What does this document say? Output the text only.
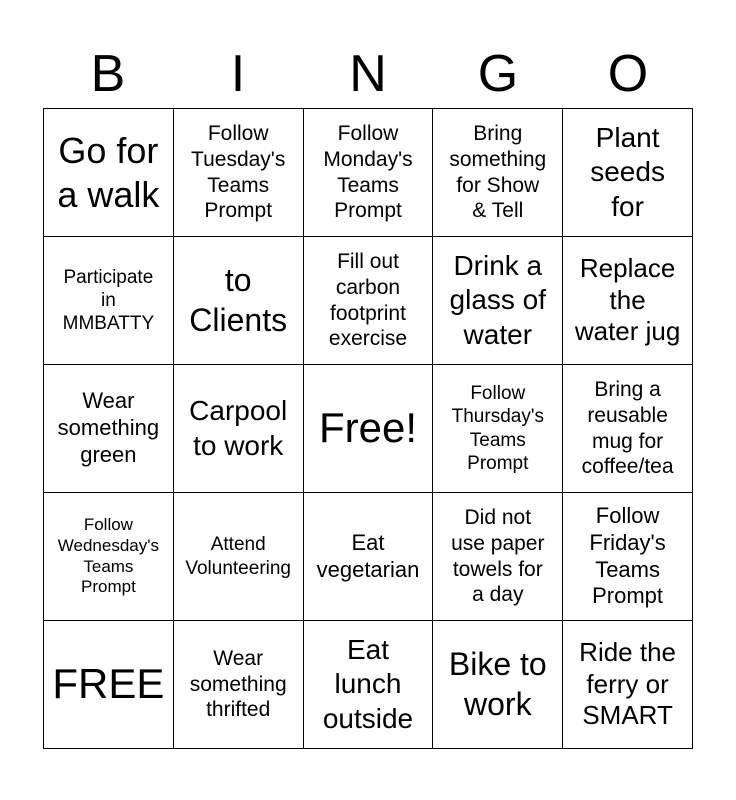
B	I	N	G	O
Go for
a walk	Follow
Tuesday's
Teams
Prompt	Follow
Monday's
Teams
Prompt	Bring
something
for Show
& Tell	Plant
seeds
for

Participate
in
MMBATTY	to
Clients	Fill out
carbon
footprint
exercise	Drink a
glass of
water	Replace
the
water jug

Wear
something
green	Carpool
to work	Free!	Follow
Thursday's
Teams
Prompt	Bring a
reusable
mug for
coffee/tea

Follow
Wednesday's
Teams
Prompt	Attend
Volunteering	Eat
vegetarian	Did not
use paper
towels for
a day	Follow
Friday's
Teams
Prompt

FREE	Wear
something
thrifted	Eat
lunch
outside	Bike to
work	Ride the
ferry or
SMART
